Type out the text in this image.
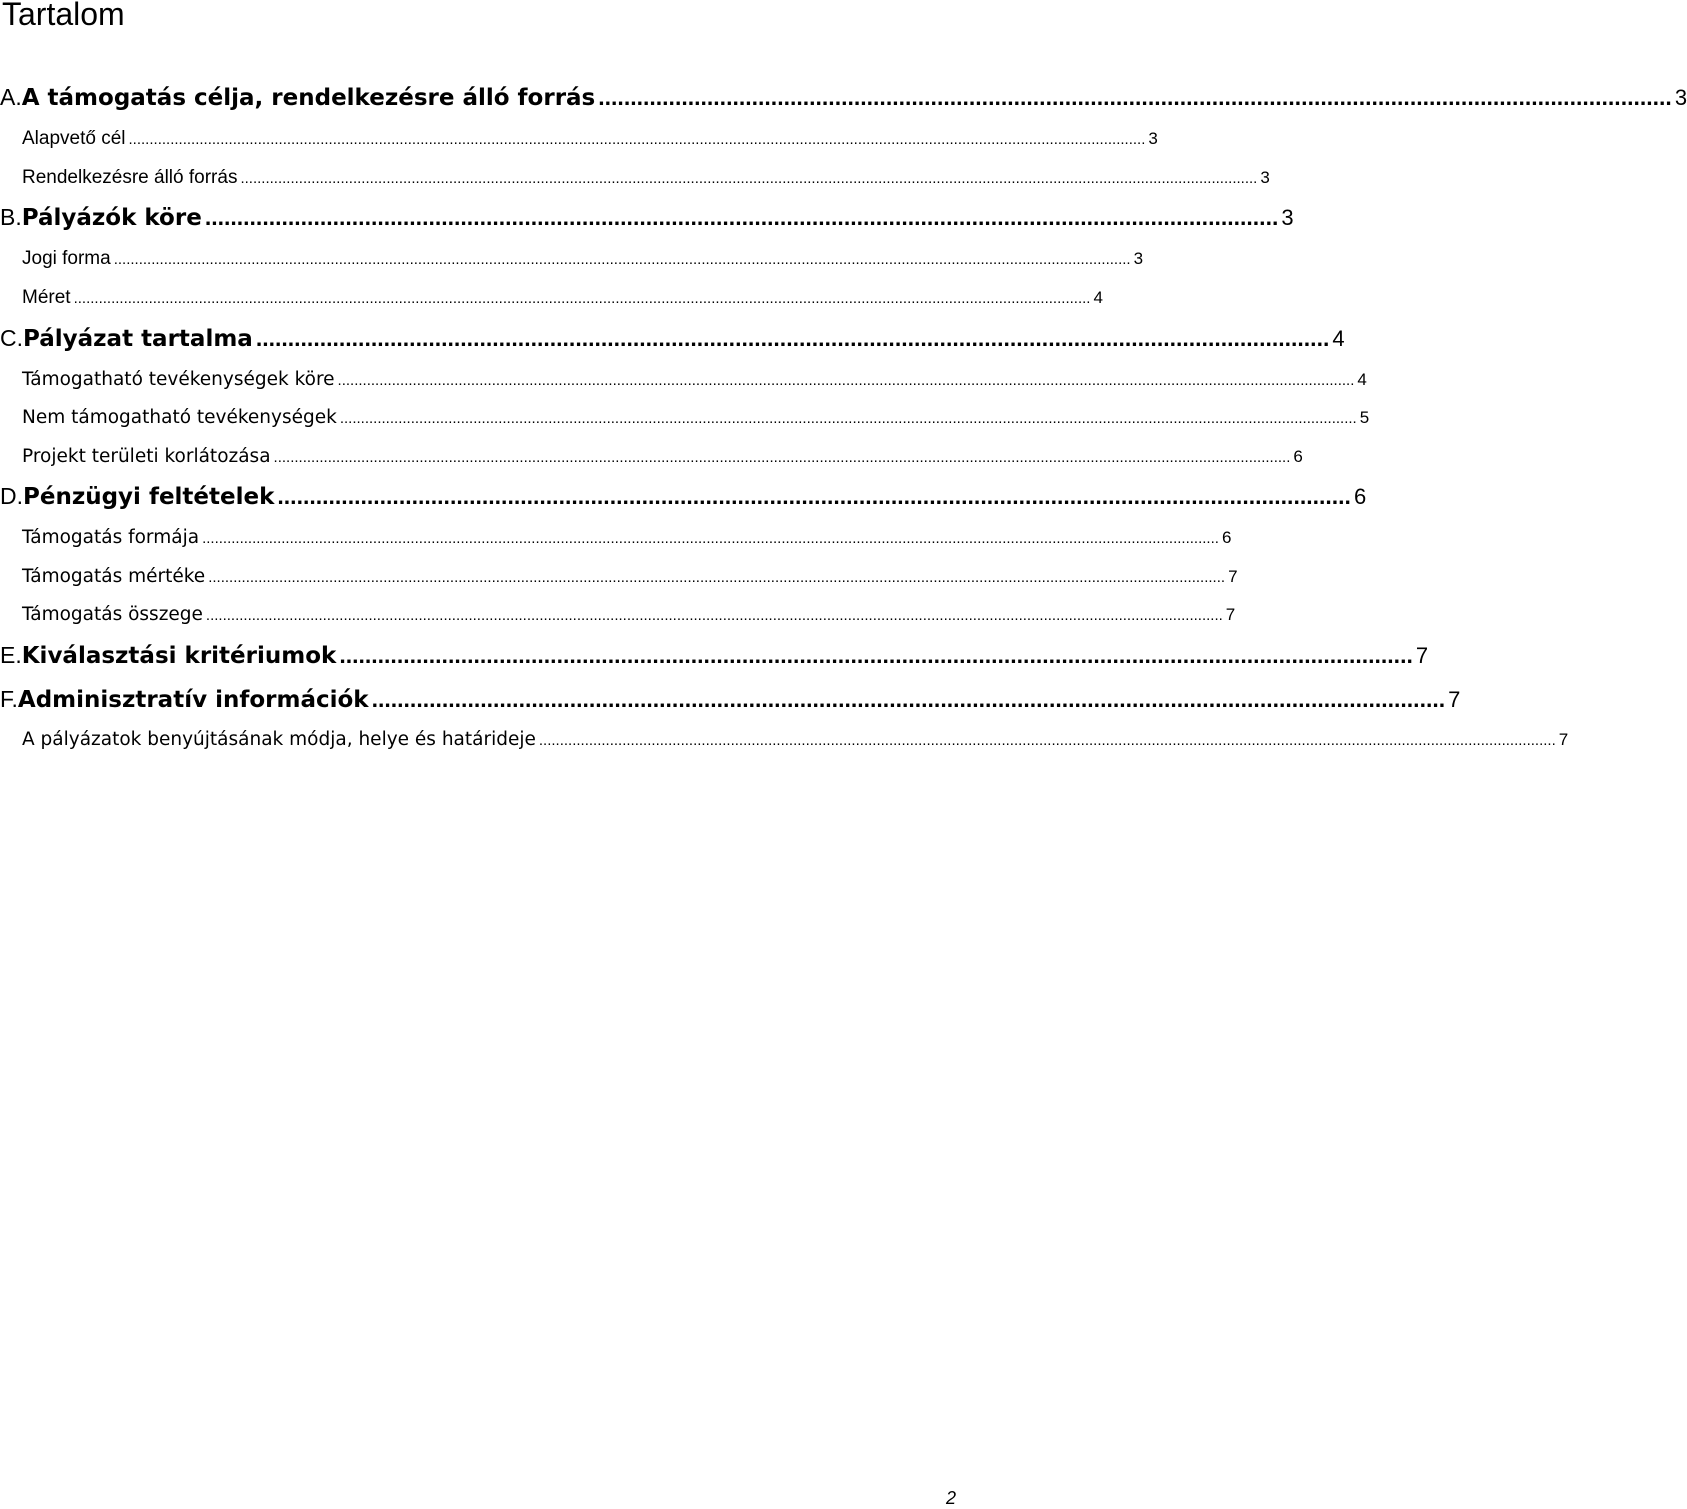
Tartalom
A. A támogatás célja, rendelkezésre álló forrás ........................................................................................................................................................................ 3
Alapvető cél .................................................................................................................................................................................................................................................... 3
Rendelkezésre álló forrás .................................................................................................................................................................................................................................................... 3
B. Pályázók köre ........................................................................................................................................................................ 3
Jogi forma .................................................................................................................................................................................................................................................... 3
Méret .................................................................................................................................................................................................................................................... 4
C. Pályázat tartalma ........................................................................................................................................................................ 4
Támogatható tevékenységek köre .................................................................................................................................................................................................................................................... 4
Nem támogatható tevékenységek .................................................................................................................................................................................................................................................... 5
Projekt területi korlátozása .................................................................................................................................................................................................................................................... 6
D. Pénzügyi feltételek ........................................................................................................................................................................ 6
Támogatás formája .................................................................................................................................................................................................................................................... 6
Támogatás mértéke .................................................................................................................................................................................................................................................... 7
Támogatás összege .................................................................................................................................................................................................................................................... 7
E. Kiválasztási kritériumok ........................................................................................................................................................................ 7
F. Adminisztratív információk ........................................................................................................................................................................ 7
A pályázatok benyújtásának módja, helye és határideje .................................................................................................................................................................................................................................................... 7
2
